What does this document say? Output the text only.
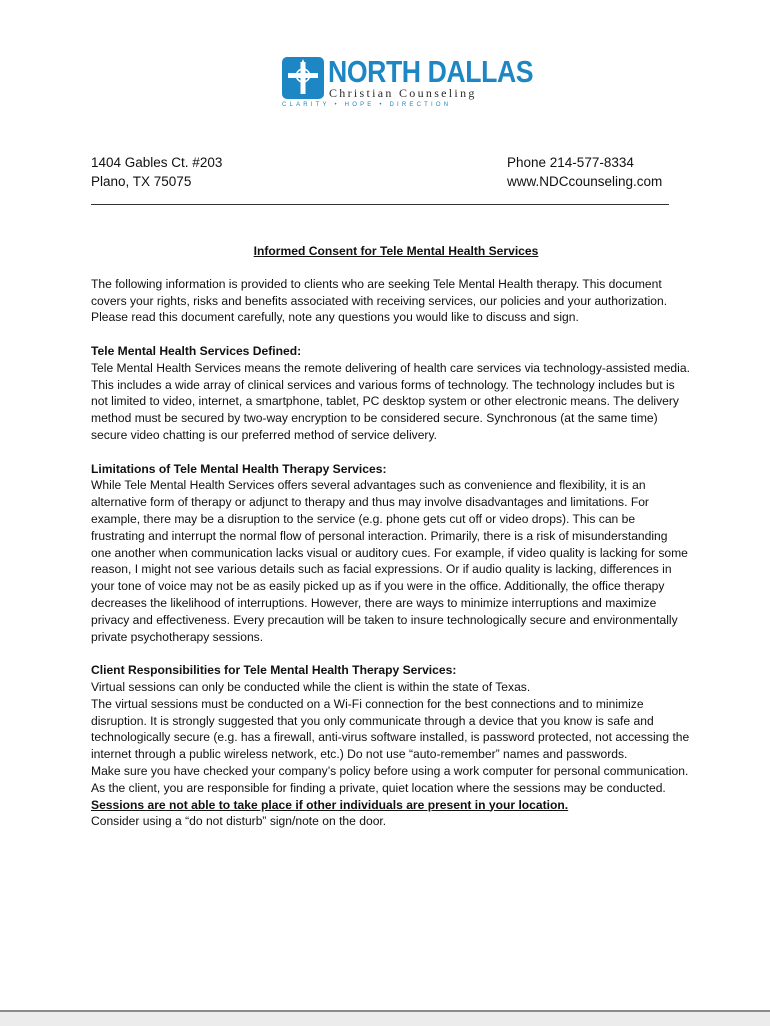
NORTH DALLAS
Christian Counseling
CLARITY • HOPE • DIRECTION
1404 Gables Ct. #203
Plano, TX 75075
Phone 214-577-8334
www.NDCcounseling.com
Informed Consent for Tele Mental Health Services

The following information is provided to clients who are seeking Tele Mental Health therapy. This document covers your rights, risks and benefits associated with receiving services, our policies and your authorization. Please read this document carefully, note any questions you would like to discuss and sign.

Tele Mental Health Services Defined:

Tele Mental Health Services means the remote delivering of health care services via technology-assisted media. This includes a wide array of clinical services and various forms of technology. The technology includes but is not limited to video, internet, a smartphone, tablet, PC desktop system or other electronic means. The delivery method must be secured by two-way encryption to be considered secure. Synchronous (at the same time) secure video chatting is our preferred method of service delivery.

Limitations of Tele Mental Health Therapy Services:

While Tele Mental Health Services offers several advantages such as convenience and flexibility, it is an alternative form of therapy or adjunct to therapy and thus may involve disadvantages and limitations. For example, there may be a disruption to the service (e.g. phone gets cut off or video drops). This can be frustrating and interrupt the normal flow of personal interaction. Primarily, there is a risk of misunderstanding one another when communication lacks visual or auditory cues. For example, if video quality is lacking for some reason, I might not see various details such as facial expressions. Or if audio quality is lacking, differences in your tone of voice may not be as easily picked up as if you were in the office. Additionally, the office therapy decreases the likelihood of interruptions. However, there are ways to minimize interruptions and maximize privacy and effectiveness. Every precaution will be taken to insure technologically secure and environmentally private psychotherapy sessions.

Client Responsibilities for Tele Mental Health Therapy Services:

Virtual sessions can only be conducted while the client is within the state of Texas.

The virtual sessions must be conducted on a Wi-Fi connection for the best connections and to minimize disruption. It is strongly suggested that you only communicate through a device that you know is safe and technologically secure (e.g. has a firewall, anti-virus software installed, is password protected, not accessing the internet through a public wireless network, etc.) Do not use “auto-remember” names and passwords.

Make sure you have checked your company’s policy before using a work computer for personal communication. As the client, you are responsible for finding a private, quiet location where the sessions may be conducted. Sessions are not able to take place if other individuals are present in your location.

Consider using a “do not disturb” sign/note on the door.
